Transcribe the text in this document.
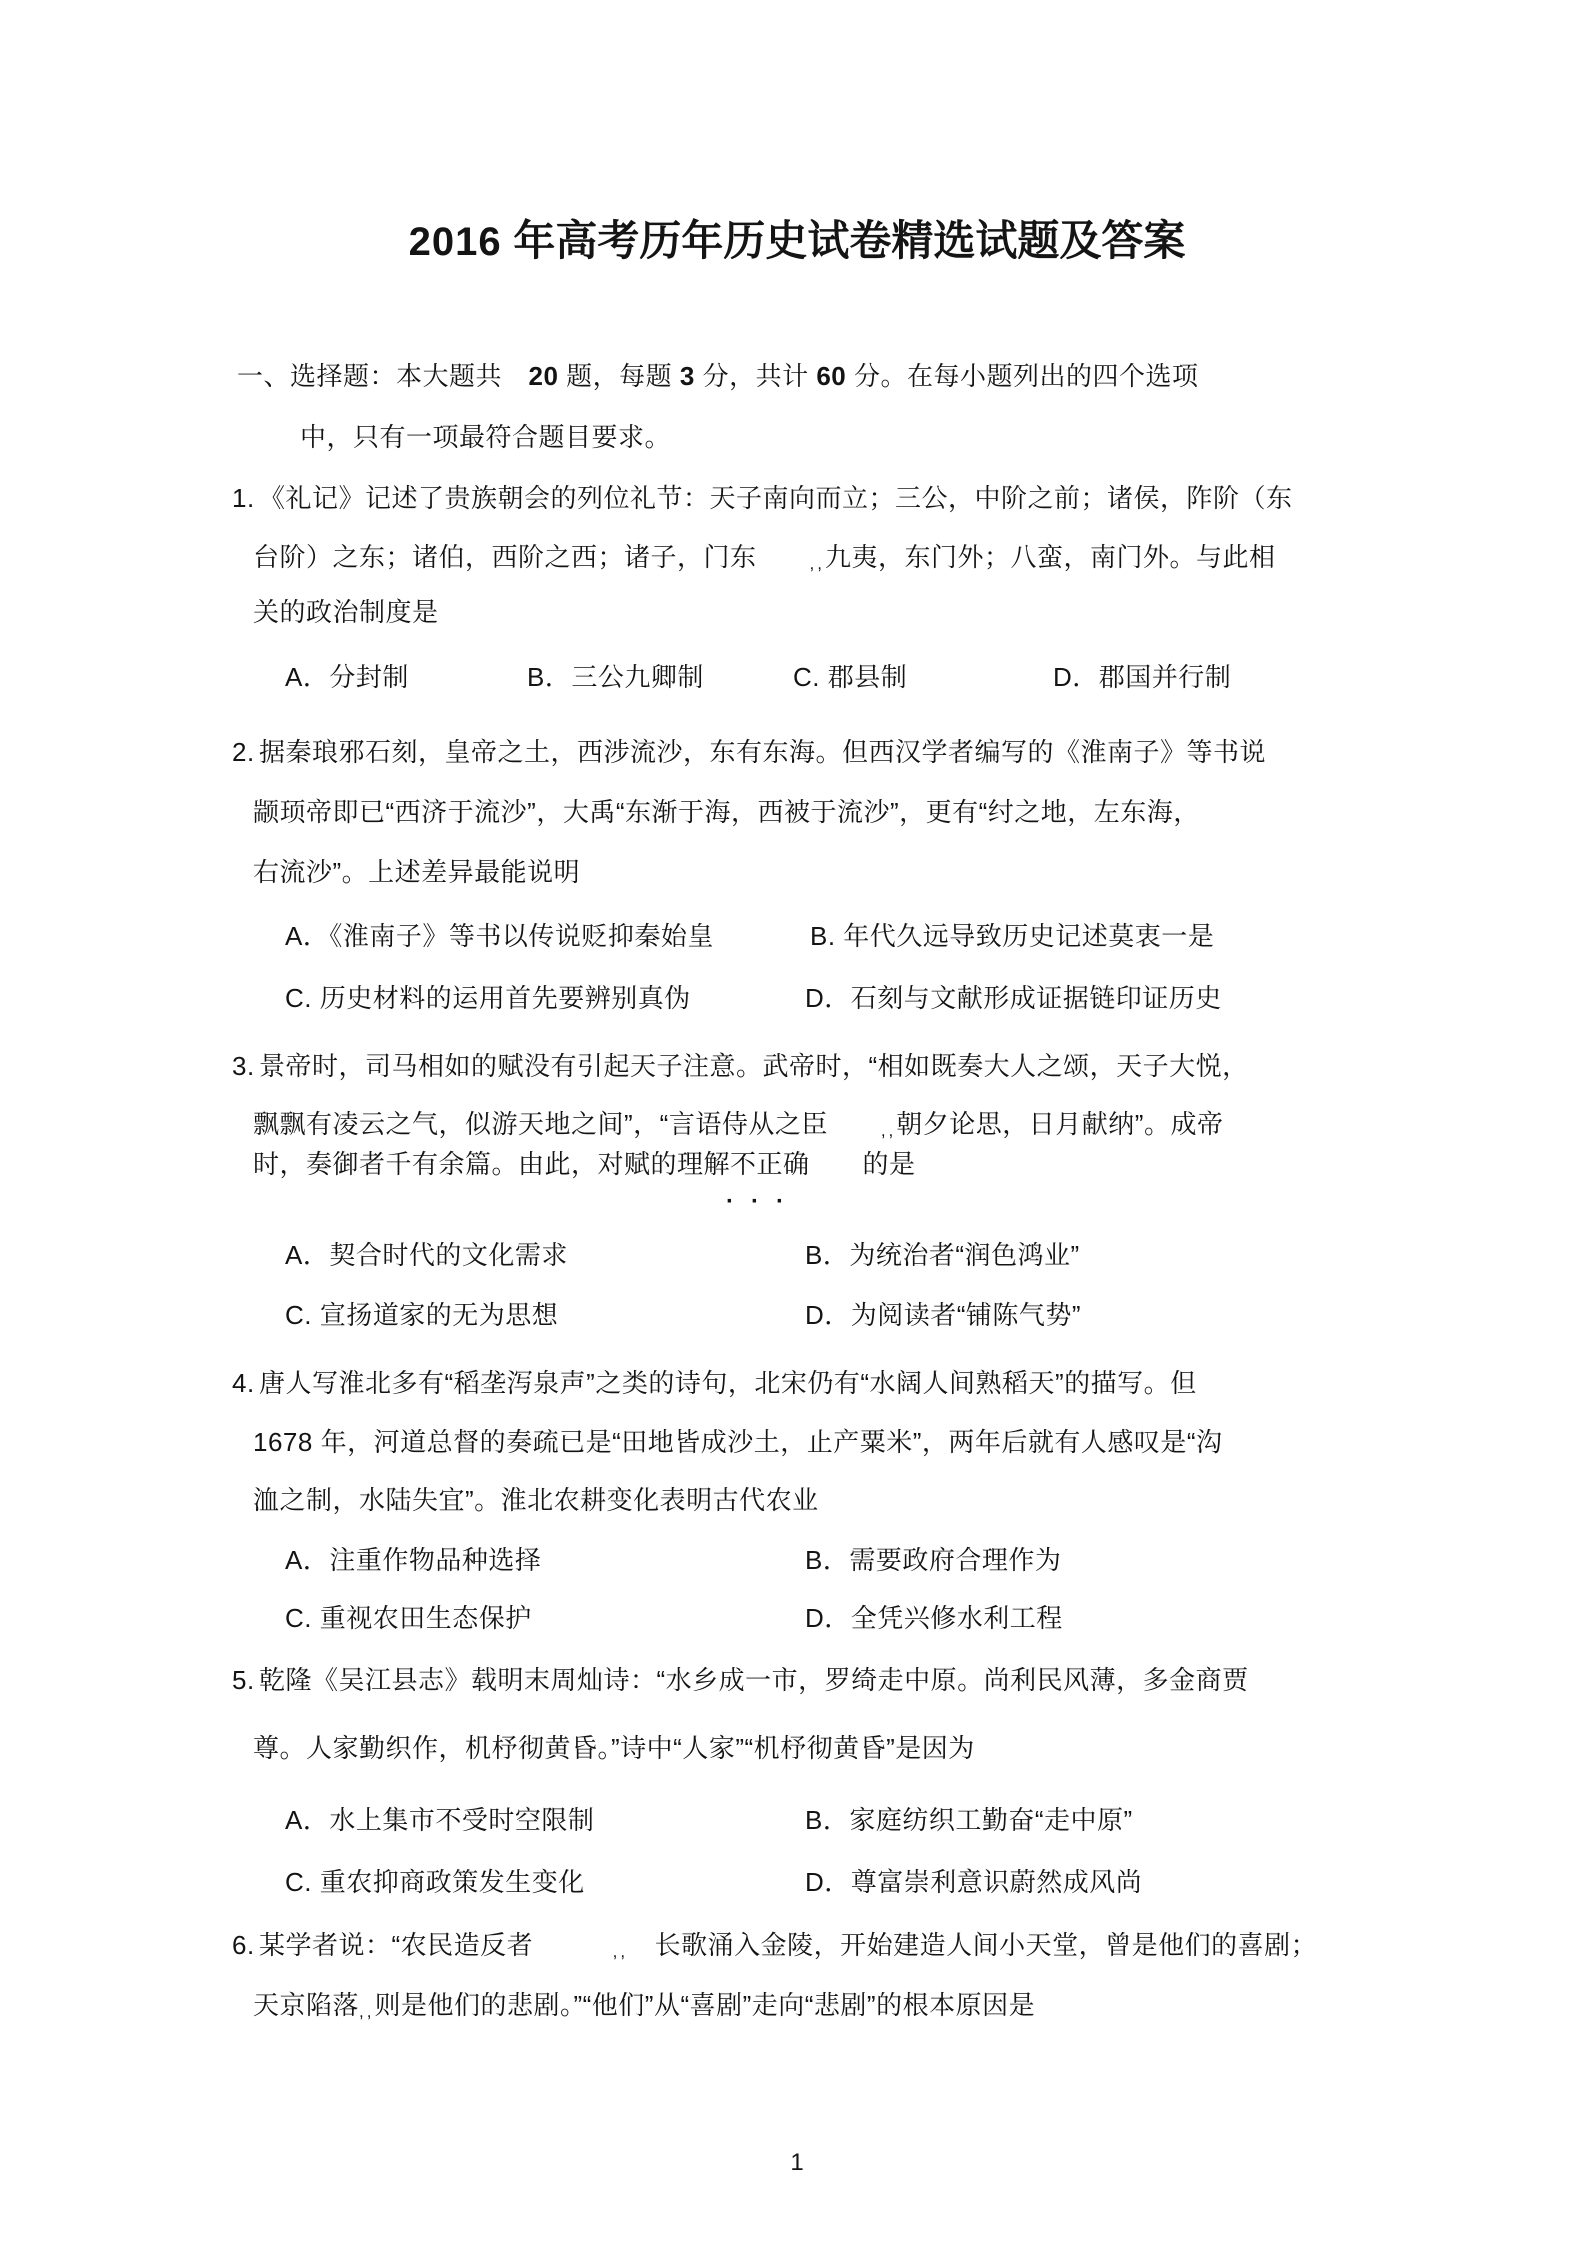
2016 年高考历年历史试卷精选试题及答案
一、选择题：本大题共　20 题，每题 3 分，共计 60 分。在每小题列出的四个选项
中，只有一项最符合题目要求。
1. 《礼记》记述了贵族朝会的列位礼节：天子南向而立；三公，中阶之前；诸侯，阼阶（东
台阶）之东；诸伯，西阶之西；诸子，门东　　,,九夷，东门外；八蛮，南门外。与此相
关的政治制度是
A．分封制	B．三公九卿制	C. 郡县制	D．郡国并行制
2. 据秦琅邪石刻，皇帝之土，西涉流沙，东有东海。但西汉学者编写的《淮南子》等书说
颛顼帝即已“西济于流沙”，大禹“东渐于海，西被于流沙”，更有“纣之地，左东海，
右流沙”。上述差异最能说明
A．《淮南子》等书以传说贬抑秦始皇	B. 年代久远导致历史记述莫衷一是
C. 历史材料的运用首先要辨别真伪	D．石刻与文献形成证据链印证历史
3. 景帝时，司马相如的赋没有引起天子注意。武帝时，“相如既奏大人之颂，天子大悦，
飘飘有凌云之气，似游天地之间”，“言语侍从之臣　　,,朝夕论思，日月献纳”。成帝
时，奏御者千有余篇。由此，对赋的理解不正确　　的是
···
A．契合时代的文化需求	B．为统治者“润色鸿业”
C. 宣扬道家的无为思想	D．为阅读者“铺陈气势”
4. 唐人写淮北多有“稻垄泻泉声”之类的诗句，北宋仍有“水阔人间熟稻天”的描写。但
1678 年，河道总督的奏疏已是“田地皆成沙土，止产粟米”，两年后就有人感叹是“沟
洫之制，水陆失宜”。淮北农耕变化表明古代农业
A．注重作物品种选择	B．需要政府合理作为
C. 重视农田生态保护	D．全凭兴修水利工程
5. 乾隆《吴江县志》载明末周灿诗：“水乡成一市，罗绮走中原。尚利民风薄，多金商贾
尊。人家勤织作，机杼彻黄昏。”诗中“人家”“机杼彻黄昏”是因为
A．水上集市不受时空限制	B．家庭纺织工勤奋“走中原”
C. 重农抑商政策发生变化	D．尊富崇利意识蔚然成风尚
6. 某学者说：“农民造反者　　　,,　长歌涌入金陵，开始建造人间小天堂，曾是他们的喜剧；
天京陷落,,则是他们的悲剧。”“他们”从“喜剧”走向“悲剧”的根本原因是
1
